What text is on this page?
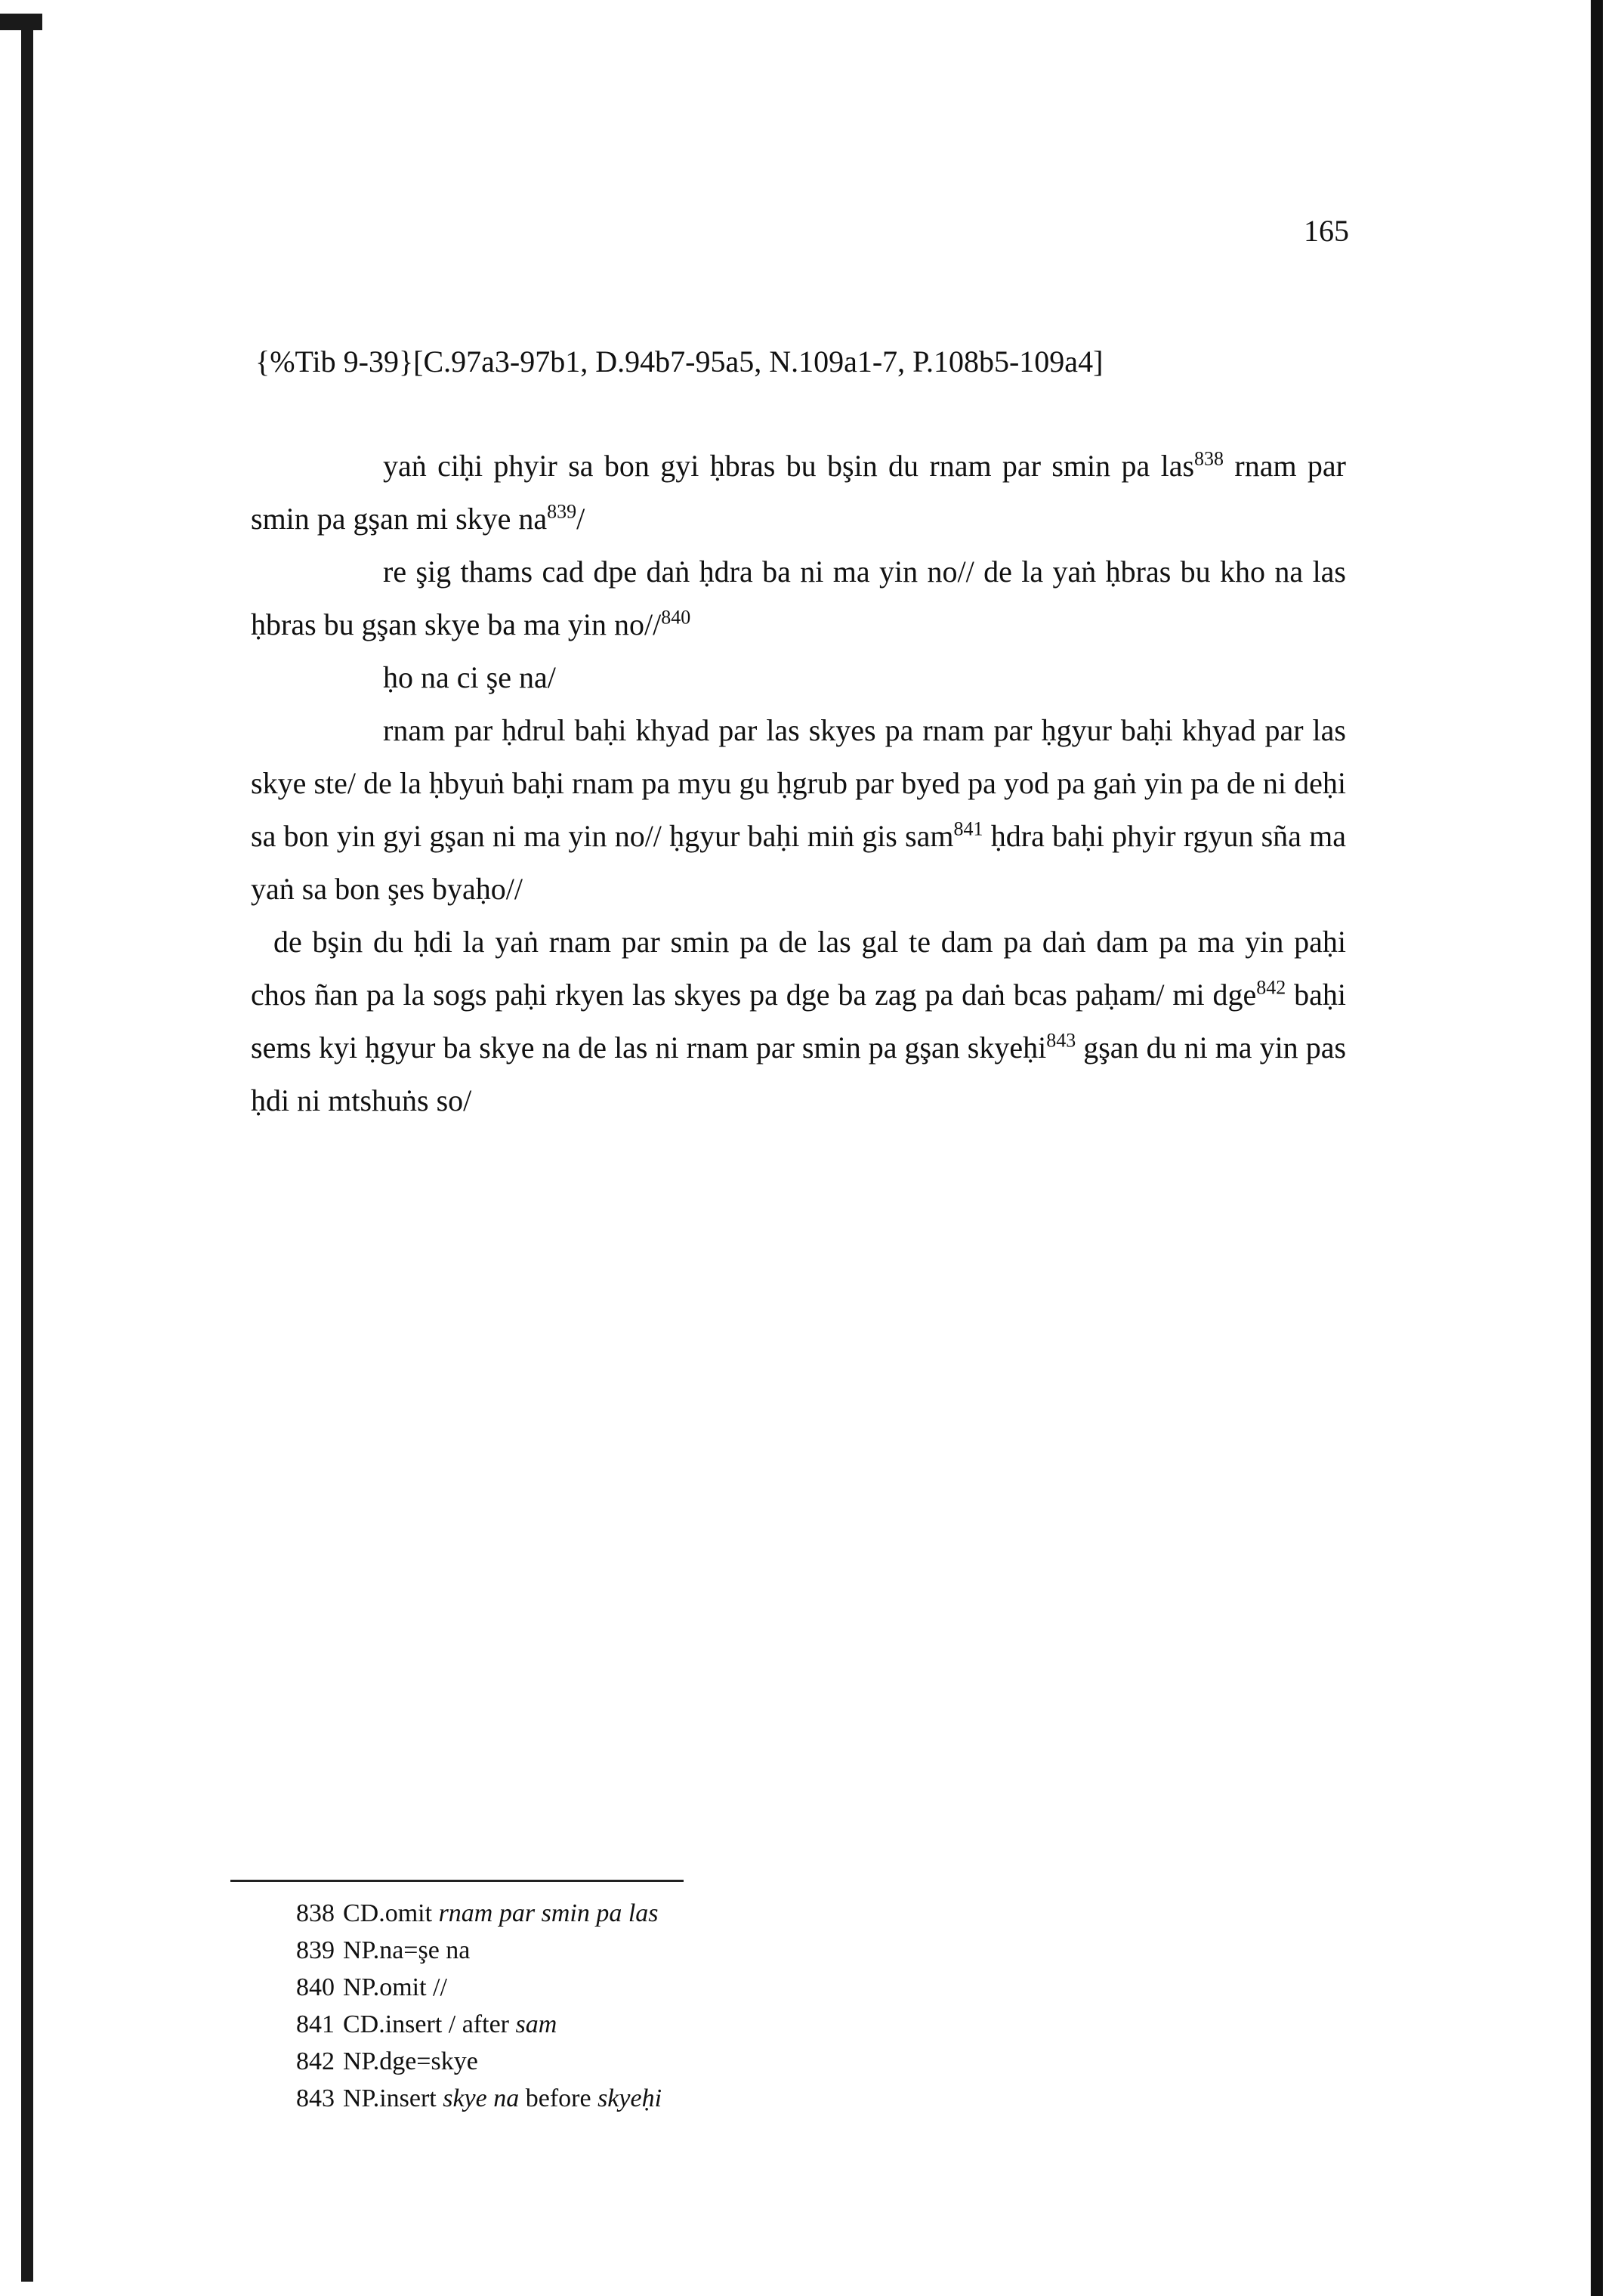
165
{%Tib 9-39}[C.97a3-97b1, D.94b7-95a5, N.109a1-7, P.108b5-109a4]

yaṅ ciḥi phyir sa bon gyi ḥbras bu bşin du rnam par smin pa las$^{838}$ rnam par smin pa gşan mi skye $na^{839}/$

re şig thams cad dpe daṅ ḥdra ba ni ma yin no// de la yaṅ ḥbras bu kho na las ḥbras bu gşan skye ba ma yin no//$^{840}$

ḥo na ci şe na/

rnam par ḥdrul baḥi khyad par las skyes pa rnam par ḥgyur baḥi khyad par las skye ste/ de la ḥbyuṅ baḥi rnam pa myu gu ḥgrub par byed pa yod pa gaṅ yin pa de ni deḥi sa bon yin gyi gşan ni ma yin no// ḥgyur baḥi miṅ gis sam$^{841}$ ḥdra baḥi phyir rgyun sña ma yaṅ sa bon şes byaḥo//

de bşin du ḥdi la yaṅ rnam par smin pa de las gal te dam pa daṅ dam pa ma yin paḥi chos ñan pa la sogs paḥi rkyen las skyes pa dge ba zag pa daṅ bcas paḥam/ mi dge$^{842}$ baḥi sems kyi ḥgyur ba skye na de las ni rnam par smin pa gşan skyeḥi$^{843}$ gşan du ni ma yin pas ḥdi ni mtshuṅs so/

838 CD.omit rnam par smin pa las
839 NP.na=şe na
840 NP.omit //
841 CD.insert / after sam
842 NP.dge=skye
843 NP.insert skye na before skyeḥi
